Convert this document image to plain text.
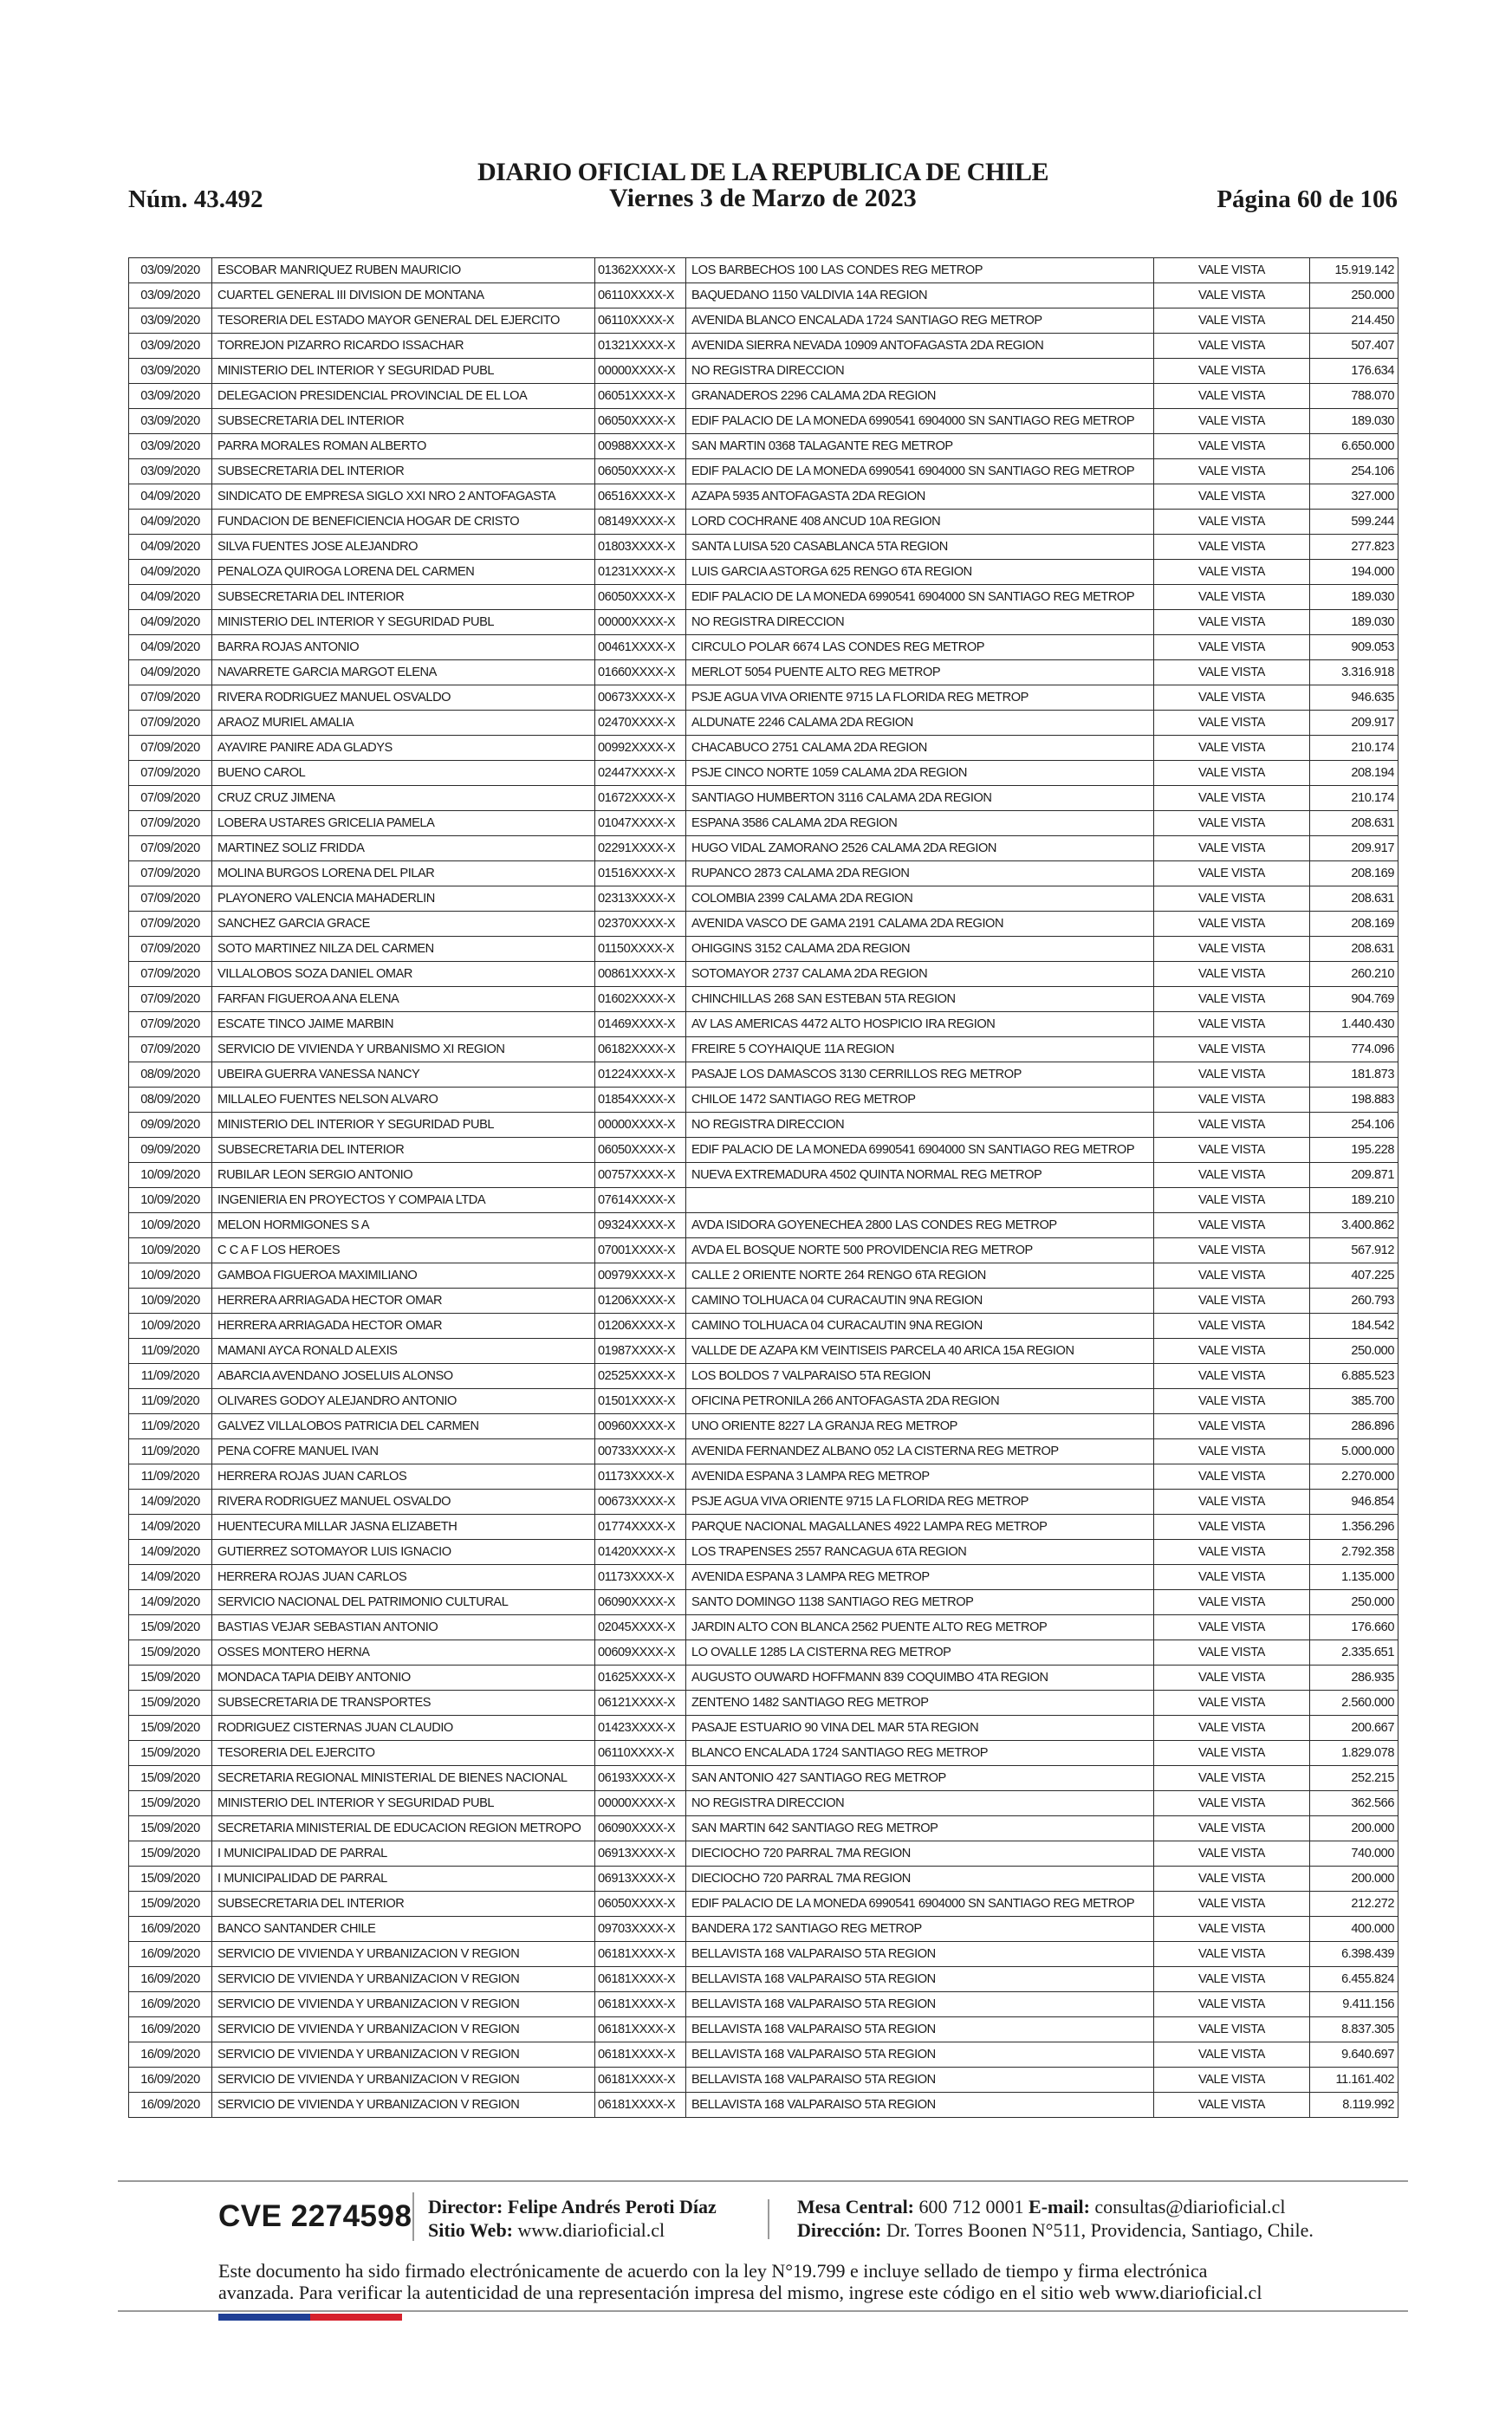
DIARIO OFICIAL DE LA REPUBLICA DE CHILE
Núm. 43.492	Viernes 3 de Marzo de 2023	Página 60 de 106
03/09/2020	ESCOBAR MANRIQUEZ RUBEN MAURICIO	01362XXXX-X	LOS BARBECHOS 100 LAS CONDES REG METROP	VALE VISTA	15.919.142
03/09/2020	CUARTEL GENERAL III DIVISION DE MONTANA	06110XXXX-X	BAQUEDANO 1150 VALDIVIA 14A REGION	VALE VISTA	250.000
03/09/2020	TESORERIA DEL ESTADO MAYOR GENERAL DEL EJERCITO	06110XXXX-X	AVENIDA BLANCO ENCALADA 1724 SANTIAGO REG METROP	VALE VISTA	214.450
03/09/2020	TORREJON PIZARRO RICARDO ISSACHAR	01321XXXX-X	AVENIDA SIERRA NEVADA 10909 ANTOFAGASTA 2DA REGION	VALE VISTA	507.407
03/09/2020	MINISTERIO DEL INTERIOR Y SEGURIDAD PUBL	00000XXXX-X	NO REGISTRA DIRECCION	VALE VISTA	176.634
03/09/2020	DELEGACION PRESIDENCIAL PROVINCIAL DE EL LOA	06051XXXX-X	GRANADEROS 2296 CALAMA 2DA REGION	VALE VISTA	788.070
03/09/2020	SUBSECRETARIA DEL INTERIOR	06050XXXX-X	EDIF PALACIO DE LA MONEDA 6990541 6904000 SN SANTIAGO REG METROP	VALE VISTA	189.030
03/09/2020	PARRA MORALES ROMAN ALBERTO	00988XXXX-X	SAN MARTIN 0368 TALAGANTE REG METROP	VALE VISTA	6.650.000
03/09/2020	SUBSECRETARIA DEL INTERIOR	06050XXXX-X	EDIF PALACIO DE LA MONEDA 6990541 6904000 SN SANTIAGO REG METROP	VALE VISTA	254.106
04/09/2020	SINDICATO DE EMPRESA SIGLO XXI NRO 2 ANTOFAGASTA	06516XXXX-X	AZAPA 5935 ANTOFAGASTA 2DA REGION	VALE VISTA	327.000
04/09/2020	FUNDACION DE BENEFICIENCIA HOGAR DE CRISTO	08149XXXX-X	LORD COCHRANE 408 ANCUD 10A REGION	VALE VISTA	599.244
04/09/2020	SILVA FUENTES JOSE ALEJANDRO	01803XXXX-X	SANTA LUISA 520 CASABLANCA 5TA REGION	VALE VISTA	277.823
04/09/2020	PENALOZA QUIROGA LORENA DEL CARMEN	01231XXXX-X	LUIS GARCIA ASTORGA 625 RENGO 6TA REGION	VALE VISTA	194.000
04/09/2020	SUBSECRETARIA DEL INTERIOR	06050XXXX-X	EDIF PALACIO DE LA MONEDA 6990541 6904000 SN SANTIAGO REG METROP	VALE VISTA	189.030
04/09/2020	MINISTERIO DEL INTERIOR Y SEGURIDAD PUBL	00000XXXX-X	NO REGISTRA DIRECCION	VALE VISTA	189.030
04/09/2020	BARRA ROJAS ANTONIO	00461XXXX-X	CIRCULO POLAR 6674 LAS CONDES REG METROP	VALE VISTA	909.053
04/09/2020	NAVARRETE GARCIA MARGOT ELENA	01660XXXX-X	MERLOT 5054 PUENTE ALTO REG METROP	VALE VISTA	3.316.918
07/09/2020	RIVERA RODRIGUEZ MANUEL OSVALDO	00673XXXX-X	PSJE AGUA VIVA ORIENTE 9715 LA FLORIDA REG METROP	VALE VISTA	946.635
07/09/2020	ARAOZ MURIEL AMALIA	02470XXXX-X	ALDUNATE 2246 CALAMA 2DA REGION	VALE VISTA	209.917
07/09/2020	AYAVIRE PANIRE ADA GLADYS	00992XXXX-X	CHACABUCO 2751 CALAMA 2DA REGION	VALE VISTA	210.174
07/09/2020	BUENO CAROL	02447XXXX-X	PSJE CINCO NORTE 1059 CALAMA 2DA REGION	VALE VISTA	208.194
07/09/2020	CRUZ CRUZ JIMENA	01672XXXX-X	SANTIAGO HUMBERTON 3116 CALAMA 2DA REGION	VALE VISTA	210.174
07/09/2020	LOBERA USTARES GRICELIA PAMELA	01047XXXX-X	ESPANA 3586 CALAMA 2DA REGION	VALE VISTA	208.631
07/09/2020	MARTINEZ SOLIZ FRIDDA	02291XXXX-X	HUGO VIDAL ZAMORANO 2526 CALAMA 2DA REGION	VALE VISTA	209.917
07/09/2020	MOLINA BURGOS LORENA DEL PILAR	01516XXXX-X	RUPANCO 2873 CALAMA 2DA REGION	VALE VISTA	208.169
07/09/2020	PLAYONERO VALENCIA MAHADERLIN	02313XXXX-X	COLOMBIA 2399 CALAMA 2DA REGION	VALE VISTA	208.631
07/09/2020	SANCHEZ GARCIA GRACE	02370XXXX-X	AVENIDA VASCO DE GAMA 2191 CALAMA 2DA REGION	VALE VISTA	208.169
07/09/2020	SOTO MARTINEZ NILZA DEL CARMEN	01150XXXX-X	OHIGGINS 3152 CALAMA 2DA REGION	VALE VISTA	208.631
07/09/2020	VILLALOBOS SOZA DANIEL OMAR	00861XXXX-X	SOTOMAYOR 2737 CALAMA 2DA REGION	VALE VISTA	260.210
07/09/2020	FARFAN FIGUEROA ANA ELENA	01602XXXX-X	CHINCHILLAS 268 SAN ESTEBAN 5TA REGION	VALE VISTA	904.769
07/09/2020	ESCATE TINCO JAIME MARBIN	01469XXXX-X	AV LAS AMERICAS 4472 ALTO HOSPICIO IRA REGION	VALE VISTA	1.440.430
07/09/2020	SERVICIO DE VIVIENDA Y URBANISMO XI REGION	06182XXXX-X	FREIRE 5 COYHAIQUE 11A REGION	VALE VISTA	774.096
08/09/2020	UBEIRA GUERRA VANESSA NANCY	01224XXXX-X	PASAJE LOS DAMASCOS 3130 CERRILLOS REG METROP	VALE VISTA	181.873
08/09/2020	MILLALEO FUENTES NELSON ALVARO	01854XXXX-X	CHILOE 1472 SANTIAGO REG METROP	VALE VISTA	198.883
09/09/2020	MINISTERIO DEL INTERIOR Y SEGURIDAD PUBL	00000XXXX-X	NO REGISTRA DIRECCION	VALE VISTA	254.106
09/09/2020	SUBSECRETARIA DEL INTERIOR	06050XXXX-X	EDIF PALACIO DE LA MONEDA 6990541 6904000 SN SANTIAGO REG METROP	VALE VISTA	195.228
10/09/2020	RUBILAR LEON SERGIO ANTONIO	00757XXXX-X	NUEVA EXTREMADURA 4502 QUINTA NORMAL REG METROP	VALE VISTA	209.871
10/09/2020	INGENIERIA EN PROYECTOS Y COMPAIA LTDA	07614XXXX-X		VALE VISTA	189.210
10/09/2020	MELON HORMIGONES S A	09324XXXX-X	AVDA ISIDORA GOYENECHEA 2800 LAS CONDES REG METROP	VALE VISTA	3.400.862
10/09/2020	C C A F LOS HEROES	07001XXXX-X	AVDA EL BOSQUE NORTE 500 PROVIDENCIA REG METROP	VALE VISTA	567.912
10/09/2020	GAMBOA FIGUEROA MAXIMILIANO	00979XXXX-X	CALLE 2 ORIENTE NORTE 264 RENGO 6TA REGION	VALE VISTA	407.225
10/09/2020	HERRERA ARRIAGADA HECTOR OMAR	01206XXXX-X	CAMINO TOLHUACA 04 CURACAUTIN 9NA REGION	VALE VISTA	260.793
10/09/2020	HERRERA ARRIAGADA HECTOR OMAR	01206XXXX-X	CAMINO TOLHUACA 04 CURACAUTIN 9NA REGION	VALE VISTA	184.542
11/09/2020	MAMANI AYCA RONALD ALEXIS	01987XXXX-X	VALLDE DE AZAPA KM VEINTISEIS PARCELA 40 ARICA 15A REGION	VALE VISTA	250.000
11/09/2020	ABARCIA AVENDANO JOSELUIS ALONSO	02525XXXX-X	LOS BOLDOS 7 VALPARAISO 5TA REGION	VALE VISTA	6.885.523
11/09/2020	OLIVARES GODOY ALEJANDRO ANTONIO	01501XXXX-X	OFICINA PETRONILA 266 ANTOFAGASTA 2DA REGION	VALE VISTA	385.700
11/09/2020	GALVEZ VILLALOBOS PATRICIA DEL CARMEN	00960XXXX-X	UNO ORIENTE 8227 LA GRANJA REG METROP	VALE VISTA	286.896
11/09/2020	PENA COFRE MANUEL IVAN	00733XXXX-X	AVENIDA FERNANDEZ ALBANO 052 LA CISTERNA REG METROP	VALE VISTA	5.000.000
11/09/2020	HERRERA ROJAS JUAN CARLOS	01173XXXX-X	AVENIDA ESPANA 3 LAMPA REG METROP	VALE VISTA	2.270.000
14/09/2020	RIVERA RODRIGUEZ MANUEL OSVALDO	00673XXXX-X	PSJE AGUA VIVA ORIENTE 9715 LA FLORIDA REG METROP	VALE VISTA	946.854
14/09/2020	HUENTECURA MILLAR JASNA ELIZABETH	01774XXXX-X	PARQUE NACIONAL MAGALLANES 4922 LAMPA REG METROP	VALE VISTA	1.356.296
14/09/2020	GUTIERREZ SOTOMAYOR LUIS IGNACIO	01420XXXX-X	LOS TRAPENSES 2557 RANCAGUA 6TA REGION	VALE VISTA	2.792.358
14/09/2020	HERRERA ROJAS JUAN CARLOS	01173XXXX-X	AVENIDA ESPANA 3 LAMPA REG METROP	VALE VISTA	1.135.000
14/09/2020	SERVICIO NACIONAL DEL PATRIMONIO CULTURAL	06090XXXX-X	SANTO DOMINGO 1138 SANTIAGO REG METROP	VALE VISTA	250.000
15/09/2020	BASTIAS VEJAR SEBASTIAN ANTONIO	02045XXXX-X	JARDIN ALTO CON BLANCA 2562 PUENTE ALTO REG METROP	VALE VISTA	176.660
15/09/2020	OSSES MONTERO HERNA	00609XXXX-X	LO OVALLE 1285 LA CISTERNA REG METROP	VALE VISTA	2.335.651
15/09/2020	MONDACA TAPIA DEIBY ANTONIO	01625XXXX-X	AUGUSTO OUWARD HOFFMANN 839 COQUIMBO 4TA REGION	VALE VISTA	286.935
15/09/2020	SUBSECRETARIA DE TRANSPORTES	06121XXXX-X	ZENTENO 1482 SANTIAGO REG METROP	VALE VISTA	2.560.000
15/09/2020	RODRIGUEZ CISTERNAS JUAN CLAUDIO	01423XXXX-X	PASAJE ESTUARIO 90 VINA DEL MAR 5TA REGION	VALE VISTA	200.667
15/09/2020	TESORERIA DEL EJERCITO	06110XXXX-X	BLANCO ENCALADA 1724 SANTIAGO REG METROP	VALE VISTA	1.829.078
15/09/2020	SECRETARIA REGIONAL MINISTERIAL DE BIENES NACIONAL	06193XXXX-X	SAN ANTONIO 427 SANTIAGO REG METROP	VALE VISTA	252.215
15/09/2020	MINISTERIO DEL INTERIOR Y SEGURIDAD PUBL	00000XXXX-X	NO REGISTRA DIRECCION	VALE VISTA	362.566
15/09/2020	SECRETARIA MINISTERIAL DE EDUCACION REGION METROPO	06090XXXX-X	SAN MARTIN 642 SANTIAGO REG METROP	VALE VISTA	200.000
15/09/2020	I MUNICIPALIDAD DE PARRAL	06913XXXX-X	DIECIOCHO 720 PARRAL 7MA REGION	VALE VISTA	740.000
15/09/2020	I MUNICIPALIDAD DE PARRAL	06913XXXX-X	DIECIOCHO 720 PARRAL 7MA REGION	VALE VISTA	200.000
15/09/2020	SUBSECRETARIA DEL INTERIOR	06050XXXX-X	EDIF PALACIO DE LA MONEDA 6990541 6904000 SN SANTIAGO REG METROP	VALE VISTA	212.272
16/09/2020	BANCO SANTANDER CHILE	09703XXXX-X	BANDERA 172 SANTIAGO REG METROP	VALE VISTA	400.000
16/09/2020	SERVICIO DE VIVIENDA Y URBANIZACION V REGION	06181XXXX-X	BELLAVISTA 168 VALPARAISO 5TA REGION	VALE VISTA	6.398.439
16/09/2020	SERVICIO DE VIVIENDA Y URBANIZACION V REGION	06181XXXX-X	BELLAVISTA 168 VALPARAISO 5TA REGION	VALE VISTA	6.455.824
16/09/2020	SERVICIO DE VIVIENDA Y URBANIZACION V REGION	06181XXXX-X	BELLAVISTA 168 VALPARAISO 5TA REGION	VALE VISTA	9.411.156
16/09/2020	SERVICIO DE VIVIENDA Y URBANIZACION V REGION	06181XXXX-X	BELLAVISTA 168 VALPARAISO 5TA REGION	VALE VISTA	8.837.305
16/09/2020	SERVICIO DE VIVIENDA Y URBANIZACION V REGION	06181XXXX-X	BELLAVISTA 168 VALPARAISO 5TA REGION	VALE VISTA	9.640.697
16/09/2020	SERVICIO DE VIVIENDA Y URBANIZACION V REGION	06181XXXX-X	BELLAVISTA 168 VALPARAISO 5TA REGION	VALE VISTA	11.161.402
16/09/2020	SERVICIO DE VIVIENDA Y URBANIZACION V REGION	06181XXXX-X	BELLAVISTA 168 VALPARAISO 5TA REGION	VALE VISTA	8.119.992
CVE 2274598 Director: Felipe Andrés Peroti Díaz
Sitio Web: www.diarioficial.cl
Mesa Central: 600 712 0001 E-mail: consultas@diarioficial.cl
Dirección: Dr. Torres Boonen N°511, Providencia, Santiago, Chile.
Este documento ha sido firmado electrónicamente de acuerdo con la ley N°19.799 e incluye sellado de tiempo y firma electrónica
avanzada. Para verificar la autenticidad de una representación impresa del mismo, ingrese este código en el sitio web www.diarioficial.cl
